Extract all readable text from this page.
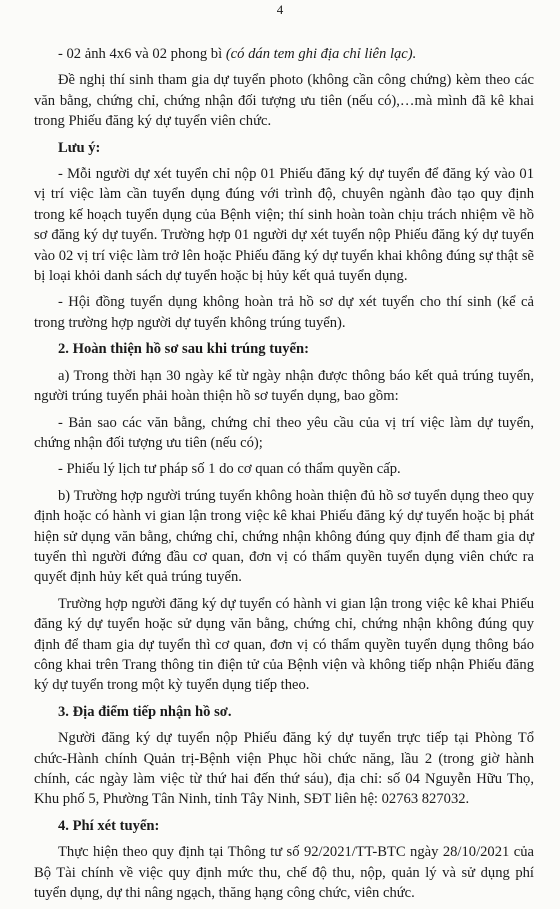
4

- 02 ảnh 4x6 và 02 phong bì (có dán tem ghi địa chỉ liên lạc).

Đề nghị thí sinh tham gia dự tuyển photo (không cần công chứng) kèm theo các văn bằng, chứng chỉ, chứng nhận đối tượng ưu tiên (nếu có),…mà mình đã kê khai trong Phiếu đăng ký dự tuyển viên chức.

Lưu ý:

- Mỗi người dự xét tuyển chỉ nộp 01 Phiếu đăng ký dự tuyển để đăng ký vào 01 vị trí việc làm cần tuyển dụng đúng với trình độ, chuyên ngành đào tạo quy định trong kế hoạch tuyển dụng của Bệnh viện; thí sinh hoàn toàn chịu trách nhiệm về hồ sơ đăng ký dự tuyển. Trường hợp 01 người dự xét tuyển nộp Phiếu đăng ký dự tuyển vào 02 vị trí việc làm trở lên hoặc Phiếu đăng ký dự tuyển khai không đúng sự thật sẽ bị loại khỏi danh sách dự tuyển hoặc bị hủy kết quả tuyển dụng.

- Hội đồng tuyển dụng không hoàn trả hồ sơ dự xét tuyển cho thí sinh (kể cả trong trường hợp người dự tuyển không trúng tuyển).

2. Hoàn thiện hồ sơ sau khi trúng tuyển:

a) Trong thời hạn 30 ngày kể từ ngày nhận được thông báo kết quả trúng tuyển, người trúng tuyển phải hoàn thiện hồ sơ tuyển dụng, bao gồm:

- Bản sao các văn bằng, chứng chỉ theo yêu cầu của vị trí việc làm dự tuyển, chứng nhận đối tượng ưu tiên (nếu có);

- Phiếu lý lịch tư pháp số 1 do cơ quan có thẩm quyền cấp.

b) Trường hợp người trúng tuyển không hoàn thiện đủ hồ sơ tuyển dụng theo quy định hoặc có hành vi gian lận trong việc kê khai Phiếu đăng ký dự tuyển hoặc bị phát hiện sử dụng văn bằng, chứng chỉ, chứng nhận không đúng quy định để tham gia dự tuyển thì người đứng đầu cơ quan, đơn vị có thẩm quyền tuyển dụng viên chức ra quyết định hủy kết quả trúng tuyển.

Trường hợp người đăng ký dự tuyển có hành vi gian lận trong việc kê khai Phiếu đăng ký dự tuyển hoặc sử dụng văn bằng, chứng chỉ, chứng nhận không đúng quy định để tham gia dự tuyển thì cơ quan, đơn vị có thẩm quyền tuyển dụng thông báo công khai trên Trang thông tin điện tử của Bệnh viện và không tiếp nhận Phiếu đăng ký dự tuyển trong một kỳ tuyển dụng tiếp theo.

3. Địa điểm tiếp nhận hồ sơ.

Người đăng ký dự tuyển nộp Phiếu đăng ký dự tuyển trực tiếp tại Phòng Tổ chức-Hành chính Quản trị-Bệnh viện Phục hồi chức năng, lầu 2 (trong giờ hành chính, các ngày làm việc từ thứ hai đến thứ sáu), địa chỉ: số 04 Nguyễn Hữu Thọ, Khu phố 5, Phường Tân Ninh, tỉnh Tây Ninh, SĐT liên hệ: 02763 827032.

4. Phí xét tuyển:

Thực hiện theo quy định tại Thông tư số 92/2021/TT-BTC ngày 28/10/2021 của Bộ Tài chính về việc quy định mức thu, chế độ thu, nộp, quản lý và sử dụng phí tuyển dụng, dự thi nâng ngạch, thăng hạng công chức, viên chức.
